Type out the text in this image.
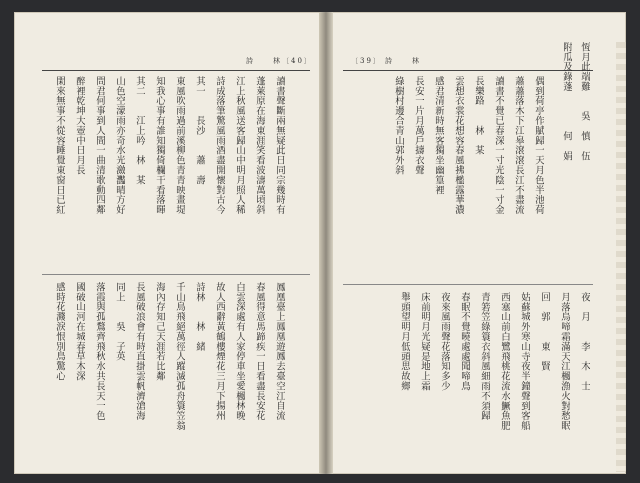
詩　　林 〔40〕
讀書聲斷兩無疑此日同宗幾時有
蓬萊原在海東涯笑看波濤萬頃斜
江上秋風送客歸山中明月照人稀
詩成落筆驚風雨酒盡開懷對古今
其一　　長沙　　蕭　壽
東風吹雨過前溪柳色青青映畫堤
知我心事有誰知獨倚欄干看落暉
其二　　江上吟　林　某
山色空濛雨亦奇水光瀲灩晴方好
問君何事到人間一曲清歌動四鄰
醉裡乾坤大壺中日月長
閑來無事不從容睡覺東窗日已紅
鳳凰臺上鳳凰遊鳳去臺空江自流
春風得意馬蹄疾一日看盡長安花
白雲深處有人家停車坐愛楓林晚
故人西辭黃鶴樓煙花三月下揚州
詩林　　林　緒
千山鳥飛絕萬徑人蹤滅孤舟簑笠翁
海內存知己天涯若比鄰
長風破浪會有時直掛雲帆濟滄海
同上　　吳　子英
落霞與孤鶩齊飛秋水共長天一色
國破山河在城春草木深
感時花濺淚恨別鳥驚心
〔39〕 詩　　林	恆月此端難　　吳　慎　伍
附瓜及錄蓬　　　　何　娟
偶到荷亭作賦歸一天月色半池荷
蕭蕭落木下江皋滾滾長江不盡流
讀書不覺已春深一寸光陰一寸金
長樂路　　林　某
雲想衣裳花想容春風拂檻露華濃
感君清新時無客獨坐幽篁裡
長安一片月萬戶擣衣聲
綠樹村邊合青山郭外斜
夜　月　　李　木　士
月落烏啼霜滿天江楓漁火對愁眠
回　郭　　東　賢
姑蘇城外寒山寺夜半鐘聲到客船
西塞山前白鷺飛桃花流水鱖魚肥
青箬笠綠簑衣斜風細雨不須歸
春眠不覺曉處處聞啼鳥
夜來風雨聲花落知多少
床前明月光疑是地上霜
舉頭望明月低頭思故鄉
